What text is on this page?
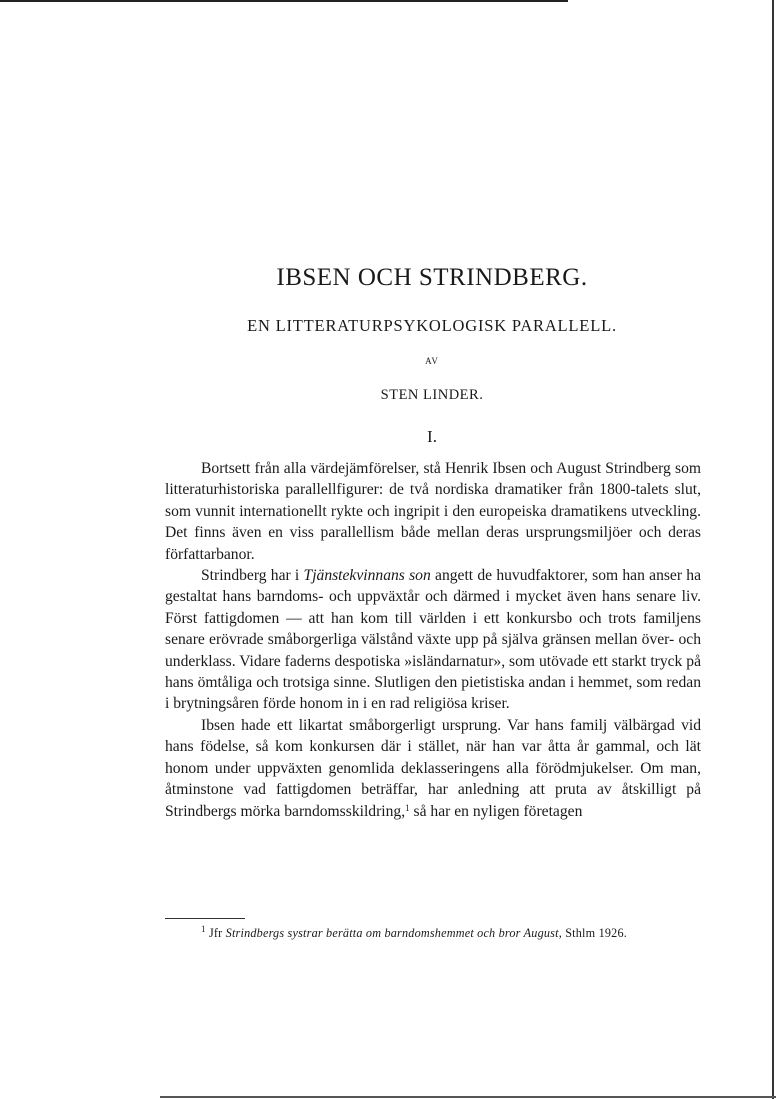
IBSEN OCH STRINDBERG.
EN LITTERATURPSYKOLOGISK PARALLELL.
AV
STEN LINDER.
I.

Bortsett från alla värdejämförelser, stå Henrik Ibsen och August Strindberg som litteraturhistoriska parallellfigurer: de två nordiska dramatiker från 1800-talets slut, som vunnit internationellt rykte och ingripit i den europeiska dramatikens utveckling. Det finns även en viss parallellism både mellan deras ursprungsmiljöer och deras författarbanor.

Strindberg har i Tjänstekvinnans son angett de huvudfaktorer, som han anser ha gestaltat hans barndoms- och uppväxtår och därmed i mycket även hans senare liv. Först fattigdomen — att han kom till världen i ett konkursbo och trots familjens senare erövrade småborgerliga välstånd växte upp på själva gränsen mellan över- och underklass. Vidare faderns despotiska »isländarnatur», som utövade ett starkt tryck på hans ömtåliga och trotsiga sinne. Slutligen den pietistiska andan i hemmet, som redan i brytningsåren förde honom in i en rad religiösa kriser.

Ibsen hade ett likartat småborgerligt ursprung. Var hans familj välbärgad vid hans födelse, så kom konkursen där i stället, när han var åtta år gammal, och lät honom under uppväxten genomlida deklasseringens alla förödmjukelser. Om man, åtminstone vad fattigdomen beträffar, har anledning att pruta av åtskilligt på Strindbergs mörka barndomsskildring,$^1$ så har en nyligen företagen

$^1$ Jfr Strindbergs systrar berätta om barndomshemmet och bror August, Sthlm 1926.
